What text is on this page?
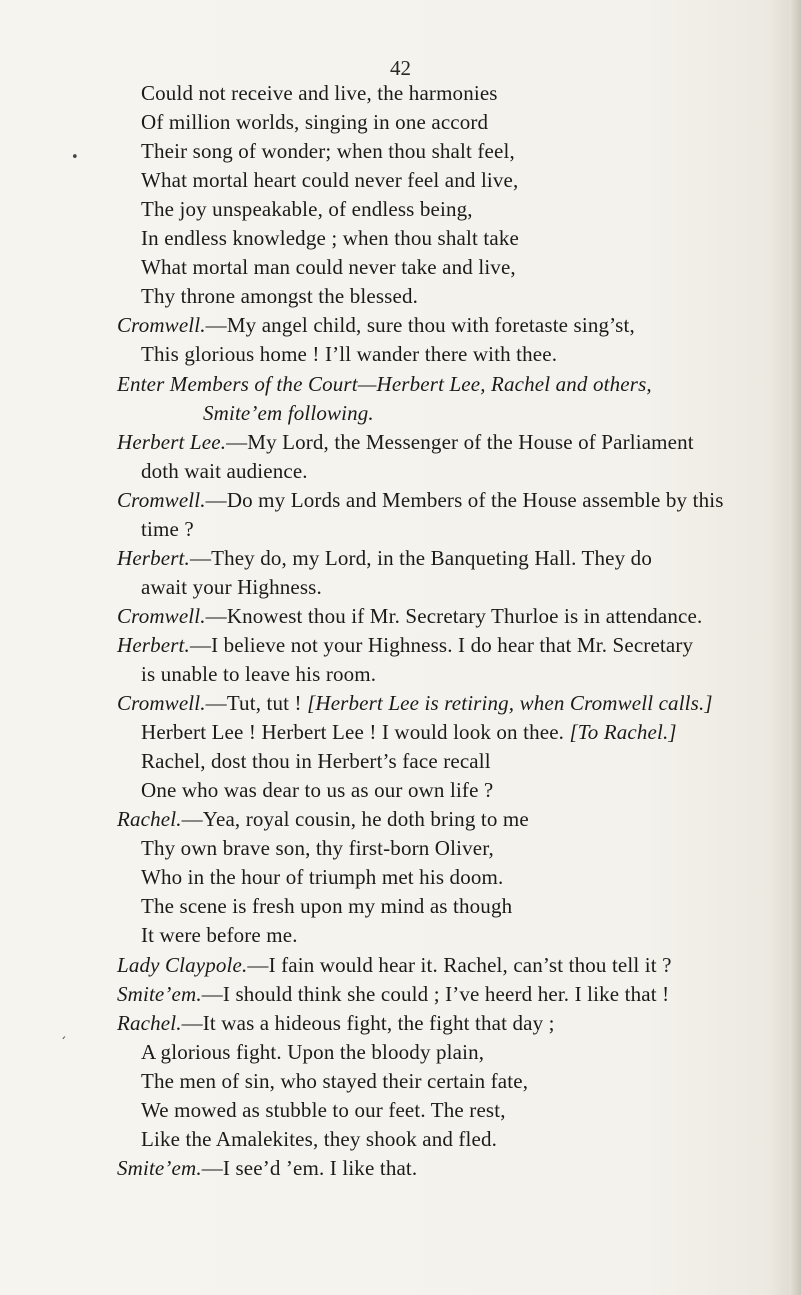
42

Could not receive and live, the harmonies
Of million worlds, singing in one accord
Their song of wonder; when thou shalt feel,
What mortal heart could never feel and live,
The joy unspeakable, of endless being,
In endless knowledge ; when thou shalt take
What mortal man could never take and live,
Thy throne amongst the blessed.
Cromwell.—My angel child, sure thou with foretaste sing’st,
This glorious home ! I’ll wander there with thee.
Enter Members of the Court—Herbert Lee, Rachel and others,
Smite’em following.
Herbert Lee.—My Lord, the Messenger of the House of Parliament
doth wait audience.
Cromwell.—Do my Lords and Members of the House assemble by this
time ?
Herbert.—They do, my Lord, in the Banqueting Hall. They do
await your Highness.
Cromwell.—Knowest thou if Mr. Secretary Thurloe is in attendance.
Herbert.—I believe not your Highness. I do hear that Mr. Secretary
is unable to leave his room.
Cromwell.—Tut, tut ! [Herbert Lee is retiring, when Cromwell calls.]
Herbert Lee ! Herbert Lee ! I would look on thee. [To Rachel.]
Rachel, dost thou in Herbert’s face recall
One who was dear to us as our own life ?
Rachel.—Yea, royal cousin, he doth bring to me
Thy own brave son, thy first-born Oliver,
Who in the hour of triumph met his doom.
The scene is fresh upon my mind as though
It were before me.
Lady Claypole.—I fain would hear it. Rachel, can’st thou tell it ?
Smite’em.—I should think she could ; I’ve heerd her. I like that !
Rachel.—It was a hideous fight, the fight that day ;
A glorious fight. Upon the bloody plain,
The men of sin, who stayed their certain fate,
We mowed as stubble to our feet. The rest,
Like the Amalekites, they shook and fled.
Smite’em.—I see’d ’em. I like that.
•
ˏ
